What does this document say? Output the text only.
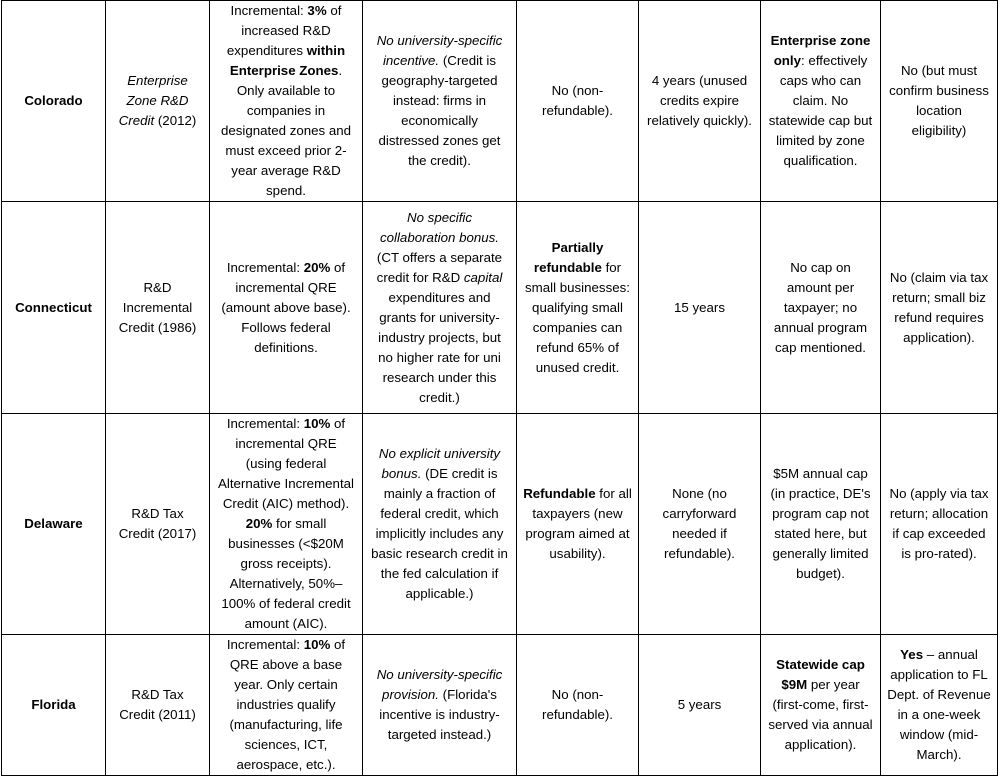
Colorado	Enterprise Zone R&D Credit (2012)	Incremental: 3% of increased R&D expenditures within Enterprise Zones. Only available to companies in designated zones and must exceed prior 2-year average R&D spend.	No university-specific incentive. (Credit is geography-targeted instead: firms in economically distressed zones get the credit).	No (non-refundable).	4 years (unused credits expire relatively quickly).	Enterprise zone only: effectively caps who can claim. No statewide cap but limited by zone qualification.	No (but must confirm business location eligibility)
Connecticut	R&D Incremental Credit (1986)	Incremental: 20% of incremental QRE (amount above base). Follows federal definitions.	No specific collaboration bonus. (CT offers a separate credit for R&D capital expenditures and grants for university-industry projects, but no higher rate for uni research under this credit.)	Partially refundable for small businesses: qualifying small companies can refund 65% of unused credit.	15 years	No cap on amount per taxpayer; no annual program cap mentioned.	No (claim via tax return; small biz refund requires application).
Delaware	R&D Tax Credit (2017)	Incremental: 10% of incremental QRE (using federal Alternative Incremental Credit (AIC) method). 20% for small businesses (<$20M gross receipts). Alternatively, 50%–100% of federal credit amount (AIC).	No explicit university bonus. (DE credit is mainly a fraction of federal credit, which implicitly includes any basic research credit in the fed calculation if applicable.)	Refundable for all taxpayers (new program aimed at usability).	None (no carryforward needed if refundable).	$5M annual cap (in practice, DE's program cap not stated here, but generally limited budget).	No (apply via tax return; allocation if cap exceeded is pro-rated).
Florida	R&D Tax Credit (2011)	Incremental: 10% of QRE above a base year. Only certain industries qualify (manufacturing, life sciences, ICT, aerospace, etc.).	No university-specific provision. (Florida's incentive is industry-targeted instead.)	No (non-refundable).	5 years	Statewide cap $9M per year (first-come, first-served via annual application).	Yes – annual application to FL Dept. of Revenue in a one-week window (mid-March).
